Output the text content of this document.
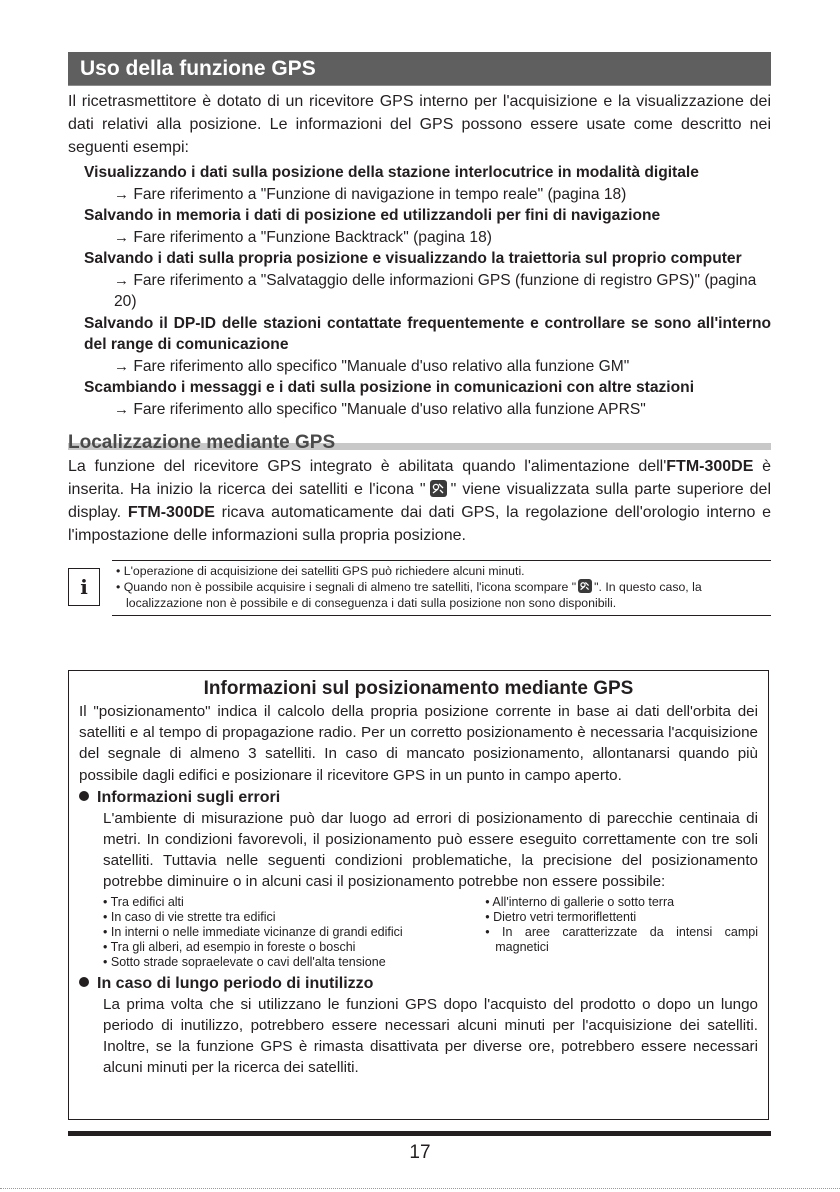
Uso della funzione GPS

Il ricetrasmettitore è dotato di un ricevitore GPS interno per l'acquisizione e la visualizzazione dei dati relativi alla posizione. Le informazioni del GPS possono essere usate come descritto nei seguenti esempi:

Visualizzando i dati sulla posizione della stazione interlocutrice in modalità digitale
→ Fare riferimento a "Funzione di navigazione in tempo reale" (pagina 18)
Salvando in memoria i dati di posizione ed utilizzandoli per fini di navigazione
→ Fare riferimento a "Funzione Backtrack" (pagina 18)
Salvando i dati sulla propria posizione e visualizzando la traiettoria sul proprio computer
→ Fare riferimento a "Salvataggio delle informazioni GPS (funzione di registro GPS)" (pagina 20)
Salvando il DP-ID delle stazioni contattate frequentemente e controllare se sono all'interno del range di comunicazione
→ Fare riferimento allo specifico "Manuale d'uso relativo alla funzione GM"
Scambiando i messaggi e i dati sulla posizione in comunicazioni con altre stazioni
→ Fare riferimento allo specifico "Manuale d'uso relativo alla funzione APRS"
Localizzazione mediante GPS

La funzione del ricevitore GPS integrato è abilitata quando l'alimentazione dell'FTM-300DE è inserita. Ha inizio la ricerca dei satelliti e l'icona " " viene visualizzata sulla parte superiore del display. FTM-300DE ricava automaticamente dai dati GPS, la regolazione dell'orologio interno e l'impostazione delle informazioni sulla propria posizione.

i
• L'operazione di acquisizione dei satelliti GPS può richiedere alcuni minuti.
• Quando non è possibile acquisire i segnali di almeno tre satelliti, l'icona scompare " ". In questo caso, la localizzazione non è possibile e di conseguenza i dati sulla posizione non sono disponibili.
Informazioni sul posizionamento mediante GPS

Il "posizionamento" indica il calcolo della propria posizione corrente in base ai dati dell'orbita dei satelliti e al tempo di propagazione radio. Per un corretto posizionamento è necessaria l'acquisizione del segnale di almeno 3 satelliti. In caso di mancato posizionamento, allontanarsi quando più possibile dagli edifici e posizionare il ricevitore GPS in un punto in campo aperto.

Informazioni sugli errori

L'ambiente di misurazione può dar luogo ad errori di posizionamento di parecchie centinaia di metri. In condizioni favorevoli, il posizionamento può essere eseguito correttamente con tre soli satelliti. Tuttavia nelle seguenti condizioni problematiche, la precisione del posizionamento potrebbe diminuire o in alcuni casi il posizionamento potrebbe non essere possibile:

• Tra edifici alti
• In caso di vie strette tra edifici
• In interni o nelle immediate vicinanze di grandi edifici
• Tra gli alberi, ad esempio in foreste o boschi
• Sotto strade sopraelevate o cavi dell'alta tensione
• All'interno di gallerie o sotto terra
• Dietro vetri termoriflettenti
• In aree caratterizzate da intensi campi magnetici
In caso di lungo periodo di inutilizzo

La prima volta che si utilizzano le funzioni GPS dopo l'acquisto del prodotto o dopo un lungo periodo di inutilizzo, potrebbero essere necessari alcuni minuti per l'acquisizione dei satelliti. Inoltre, se la funzione GPS è rimasta disattivata per diverse ore, potrebbero essere necessari alcuni minuti per la ricerca dei satelliti.

17
